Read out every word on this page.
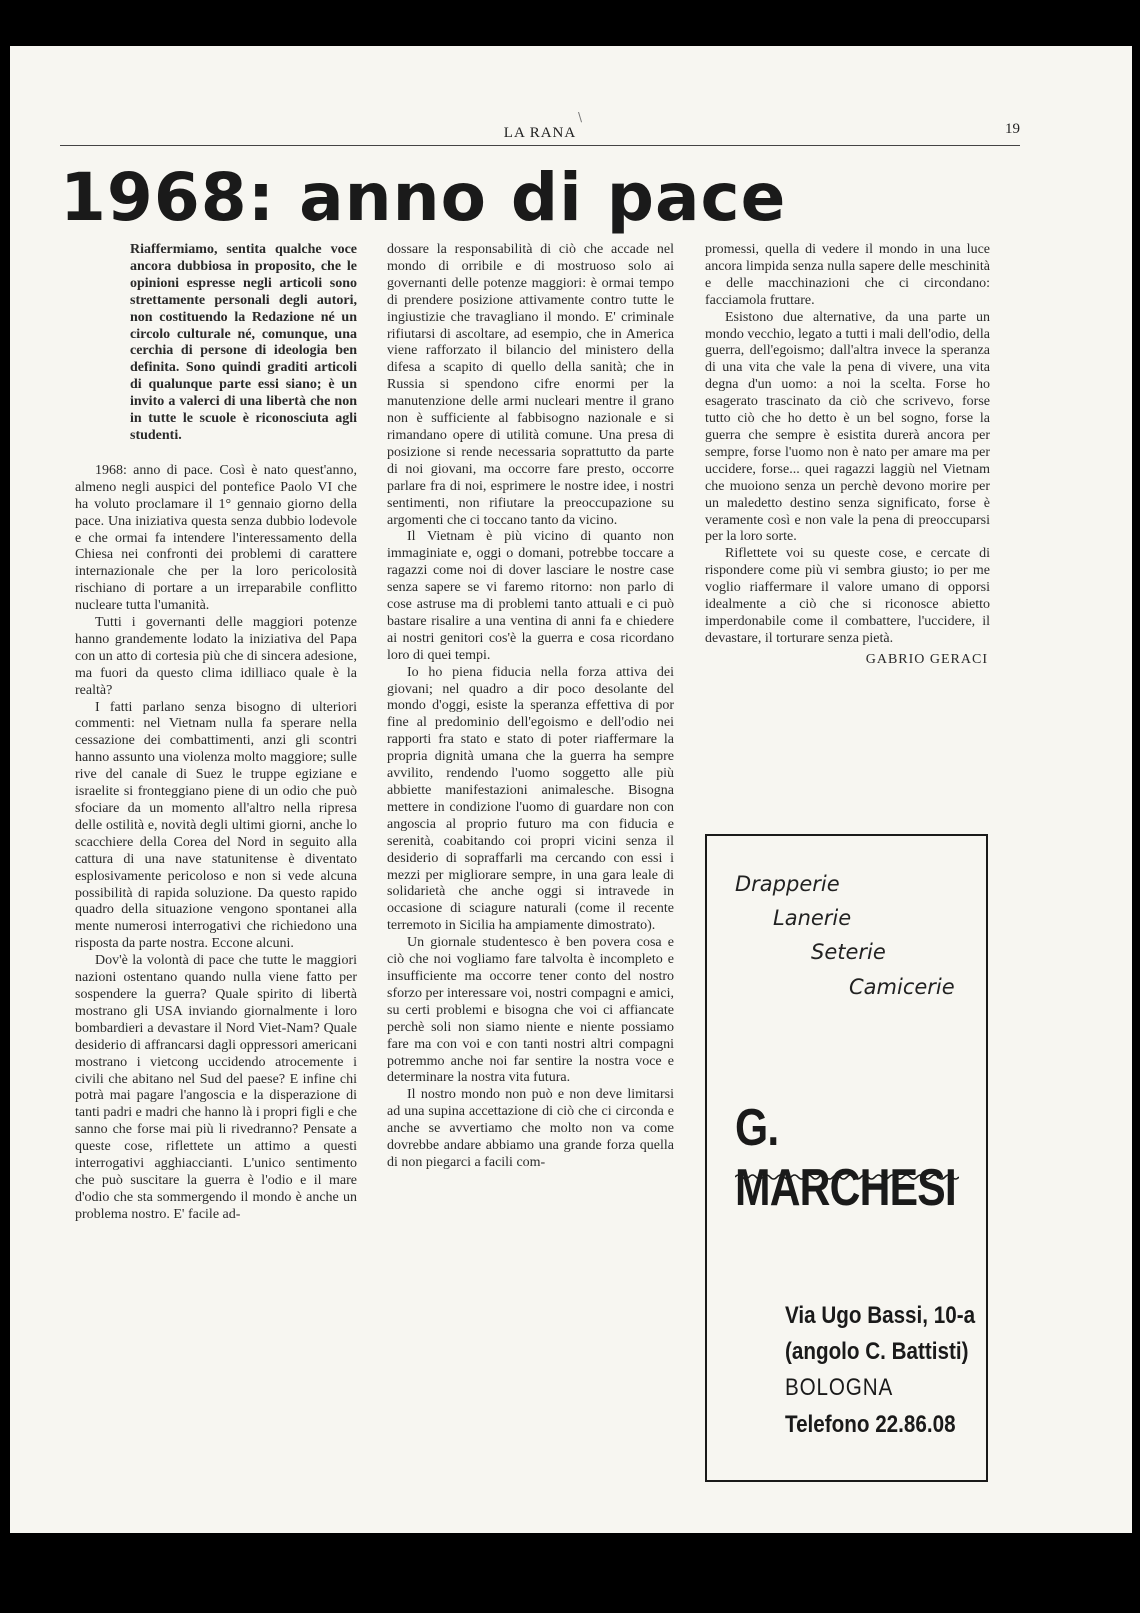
\
LA RANA	19
1968: anno di pace

Riaffermiamo, sentita qualche voce ancora dubbiosa in proposito, che le opinioni espresse negli articoli sono strettamente personali degli autori, non costituendo la Redazione né un circolo culturale né, comunque, una cerchia di persone di ideologia ben definita. Sono quindi graditi articoli di qualunque parte essi siano; è un invito a valerci di una libertà che non in tutte le scuole è riconosciuta agli studenti.

1968: anno di pace. Così è nato quest'anno, almeno negli auspici del pontefice Paolo VI che ha voluto proclamare il 1° gennaio giorno della pace. Una iniziativa questa senza dubbio lodevole e che ormai fa intendere l'interessamento della Chiesa nei confronti dei problemi di carattere internazionale che per la loro pericolosità rischiano di portare a un irreparabile conflitto nucleare tutta l'umanità.

Tutti i governanti delle maggiori potenze hanno grandemente lodato la iniziativa del Papa con un atto di cortesia più che di sincera adesione, ma fuori da questo clima idilliaco quale è la realtà?

I fatti parlano senza bisogno di ulteriori commenti: nel Vietnam nulla fa sperare nella cessazione dei combattimenti, anzi gli scontri hanno assunto una violenza molto maggiore; sulle rive del canale di Suez le truppe egiziane e israelite si fronteggiano piene di un odio che può sfociare da un momento all'altro nella ripresa delle ostilità e, novità degli ultimi giorni, anche lo scacchiere della Corea del Nord in seguito alla cattura di una nave statunitense è diventato esplosivamente pericoloso e non si vede alcuna possibilità di rapida soluzione. Da questo rapido quadro della situazione vengono spontanei alla mente numerosi interrogativi che richiedono una risposta da parte nostra. Eccone alcuni.

Dov'è la volontà di pace che tutte le maggiori nazioni ostentano quando nulla viene fatto per sospendere la guerra? Quale spirito di libertà mostrano gli USA inviando giornalmente i loro bombardieri a devastare il Nord Viet-Nam? Quale desiderio di affrancarsi dagli oppressori americani mostrano i vietcong uccidendo atrocemente i civili che abitano nel Sud del paese? E infine chi potrà mai pagare l'angoscia e la disperazione di tanti padri e madri che hanno là i propri figli e che sanno che forse mai più li rivedranno? Pensate a queste cose, riflettete un attimo a questi interrogativi agghiaccianti. L'unico sentimento che può suscitare la guerra è l'odio e il mare d'odio che sta sommergendo il mondo è anche un problema nostro. E' facile ad-

dossare la responsabilità di ciò che accade nel mondo di orribile e di mostruoso solo ai governanti delle potenze maggiori: è ormai tempo di prendere posizione attivamente contro tutte le ingiustizie che travagliano il mondo. E' criminale rifiutarsi di ascoltare, ad esempio, che in America viene rafforzato il bilancio del ministero della difesa a scapito di quello della sanità; che in Russia si spendono cifre enormi per la manutenzione delle armi nucleari mentre il grano non è sufficiente al fabbisogno nazionale e si rimandano opere di utilità comune. Una presa di posizione si rende necessaria soprattutto da parte di noi giovani, ma occorre fare presto, occorre parlare fra di noi, esprimere le nostre idee, i nostri sentimenti, non rifiutare la preoccupazione su argomenti che ci toccano tanto da vicino.

Il Vietnam è più vicino di quanto non immaginiate e, oggi o domani, potrebbe toccare a ragazzi come noi di dover lasciare le nostre case senza sapere se vi faremo ritorno: non parlo di cose astruse ma di problemi tanto attuali e ci può bastare risalire a una ventina di anni fa e chiedere ai nostri genitori cos'è la guerra e cosa ricordano loro di quei tempi.

Io ho piena fiducia nella forza attiva dei giovani; nel quadro a dir poco desolante del mondo d'oggi, esiste la speranza effettiva di por fine al predominio dell'egoismo e dell'odio nei rapporti fra stato e stato di poter riaffermare la propria dignità umana che la guerra ha sempre avvilito, rendendo l'uomo soggetto alle più abbiette manifestazioni animalesche. Bisogna mettere in condizione l'uomo di guardare non con angoscia al proprio futuro ma con fiducia e serenità, coabitando coi propri vicini senza il desiderio di sopraffarli ma cercando con essi i mezzi per migliorare sempre, in una gara leale di solidarietà che anche oggi si intravede in occasione di sciagure naturali (come il recente terremoto in Sicilia ha ampiamente dimostrato).

Un giornale studentesco è ben povera cosa e ciò che noi vogliamo fare talvolta è incompleto e insufficiente ma occorre tener conto del nostro sforzo per interessare voi, nostri compagni e amici, su certi problemi e bisogna che voi ci affiancate perchè soli non siamo niente e niente possiamo fare ma con voi e con tanti nostri altri compagni potremmo anche noi far sentire la nostra voce e determinare la nostra vita futura.

Il nostro mondo non può e non deve limitarsi ad una supina accettazione di ciò che ci circonda e anche se avvertiamo che molto non va come dovrebbe andare abbiamo una grande forza quella di non piegarci a facili com-

promessi, quella di vedere il mondo in una luce ancora limpida senza nulla sapere delle meschinità e delle macchinazioni che ci circondano: facciamola fruttare.

Esistono due alternative, da una parte un mondo vecchio, legato a tutti i mali dell'odio, della guerra, dell'egoismo; dall'altra invece la speranza di una vita che vale la pena di vivere, una vita degna d'un uomo: a noi la scelta. Forse ho esagerato trascinato da ciò che scrivevo, forse tutto ciò che ho detto è un bel sogno, forse la guerra che sempre è esistita durerà ancora per sempre, forse l'uomo non è nato per amare ma per uccidere, forse... quei ragazzi laggiù nel Vietnam che muoiono senza un perchè devono morire per un maledetto destino senza significato, forse è veramente così e non vale la pena di preoccuparsi per la loro sorte.

Riflettete voi su queste cose, e cercate di rispondere come più vi sembra giusto; io per me voglio riaffermare il valore umano di opporsi idealmente a ciò che si riconosce abietto imperdonabile come il combattere, l'uccidere, il devastare, il torturare senza pietà.

GABRIO GERACI

Drapperie
Lanerie
Seterie
Camicerie
G. MARCHESI
Via Ugo Bassi, 10-a
(angolo C. Battisti)
BOLOGNA
Telefono 22.86.08
